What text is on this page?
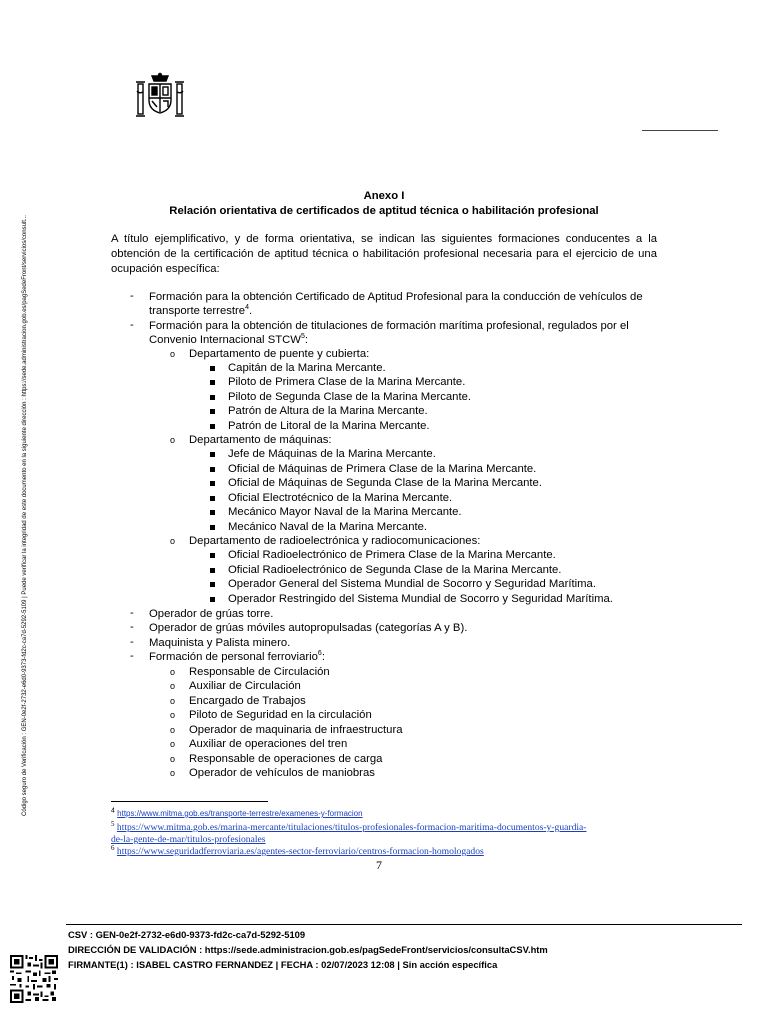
Código seguro de Verificación : GEN-0e2f-2732-e6d0-9373-fd2c-ca7d-5292-5109 | Puede verificar la integridad de este documento en la siguiente dirección : https://sede.administracion.gob.es/pagSedeFront/servicios/consult...
Anexo I
Relación orientativa de certificados de aptitud técnica o habilitación profesional
A título ejemplificativo, y de forma orientativa, se indican las siguientes formaciones conducentes a la obtención de la certificación de aptitud técnica o habilitación profesional necesaria para el ejercicio de una ocupación específica:
-	Formación para la obtención Certificado de Aptitud Profesional para la conducción de vehículos de
transporte terrestre$^4$.
-	Formación para la obtención de titulaciones de formación marítima profesional, regulados por el
Convenio Internacional STCW$^5$:
o Departamento de puente y cubierta:
Capitán de la Marina Mercante.
Piloto de Primera Clase de la Marina Mercante.
Piloto de Segunda Clase de la Marina Mercante.
Patrón de Altura de la Marina Mercante.
Patrón de Litoral de la Marina Mercante.
o Departamento de máquinas:
Jefe de Máquinas de la Marina Mercante.
Oficial de Máquinas de Primera Clase de la Marina Mercante.
Oficial de Máquinas de Segunda Clase de la Marina Mercante.
Oficial Electrotécnico de la Marina Mercante.
Mecánico Mayor Naval de la Marina Mercante.
Mecánico Naval de la Marina Mercante.
o Departamento de radioelectrónica y radiocomunicaciones:
Oficial Radioelectrónico de Primera Clase de la Marina Mercante.
Oficial Radioelectrónico de Segunda Clase de la Marina Mercante.
Operador General del Sistema Mundial de Socorro y Seguridad Marítima.
Operador Restringido del Sistema Mundial de Socorro y Seguridad Marítima.
-	Operador de grúas torre.
-	Operador de grúas móviles autopropulsadas (categorías A y B).
-	Maquinista y Palista minero.
-	Formación de personal ferroviario$^6$:
o Responsable de Circulación
o Auxiliar de Circulación
o Encargado de Trabajos
o Piloto de Seguridad en la circulación
o Operador de maquinaria de infraestructura
o Auxiliar de operaciones del tren
o Responsable de operaciones de carga
o Operador de vehículos de maniobras
$^4$ https://www.mitma.gob.es/transporte-terrestre/examenes-y-formacion
$^5$ https://www.mitma.gob.es/marina-mercante/titulaciones/titulos-profesionales-formacion-maritima-documentos-y-guardia-
de-la-gente-de-mar/titulos-profesionales
$^6$ https://www.seguridadferroviaria.es/agentes-sector-ferroviario/centros-formacion-homologados
7
CSV : GEN-0e2f-2732-e6d0-9373-fd2c-ca7d-5292-5109
DIRECCIÓN DE VALIDACIÓN : https://sede.administracion.gob.es/pagSedeFront/servicios/consultaCSV.htm
FIRMANTE(1) : ISABEL CASTRO FERNANDEZ | FECHA : 02/07/2023 12:08 | Sin acción específica
